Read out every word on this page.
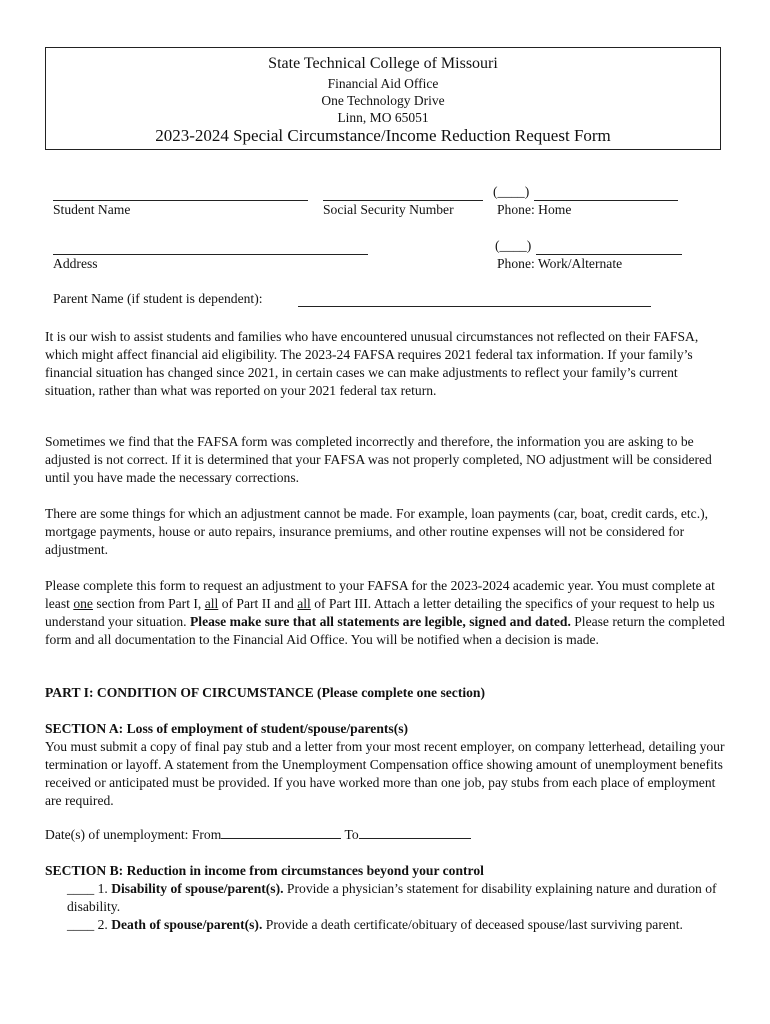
State Technical College of Missouri
Financial Aid Office
One Technology Drive
Linn, MO 65051
2023-2024 Special Circumstance/Income Reduction Request Form
Student Name	Social Security Number
(____)
Phone: Home
Address
(____)
Phone: Work/Alternate
Parent Name (if student is dependent):
It is our wish to assist students and families who have encountered unusual circumstances not reflected on their FAFSA, which might affect financial aid eligibility. The 2023-24 FAFSA requires 2021 federal tax information. If your family’s financial situation has changed since 2021, in certain cases we can make adjustments to reflect your family’s current situation, rather than what was reported on your 2021 federal tax return.
Sometimes we find that the FAFSA form was completed incorrectly and therefore, the information you are asking to be adjusted is not correct. If it is determined that your FAFSA was not properly completed, NO adjustment will be considered until you have made the necessary corrections.
There are some things for which an adjustment cannot be made. For example, loan payments (car, boat, credit cards, etc.), mortgage payments, house or auto repairs, insurance premiums, and other routine expenses will not be considered for adjustment.
Please complete this form to request an adjustment to your FAFSA for the 2023-2024 academic year. You must complete at least one section from Part I, all of Part II and all of Part III. Attach a letter detailing the specifics of your request to help us understand your situation. Please make sure that all statements are legible, signed and dated. Please return the completed form and all documentation to the Financial Aid Office. You will be notified when a decision is made.
PART I: CONDITION OF CIRCUMSTANCE (Please complete one section)
SECTION A: Loss of employment of student/spouse/parents(s)
You must submit a copy of final pay stub and a letter from your most recent employer, on company letterhead, detailing your termination or layoff. A statement from the Unemployment Compensation office showing amount of unemployment benefits received or anticipated must be provided. If you have worked more than one job, pay stubs from each place of employment are required.
Date(s) of unemployment: From	To
SECTION B: Reduction in income from circumstances beyond your control
____ 1. Disability of spouse/parent(s). Provide a physician’s statement for disability explaining nature and duration of disability.
____ 2. Death of spouse/parent(s). Provide a death certificate/obituary of deceased spouse/last surviving parent.
